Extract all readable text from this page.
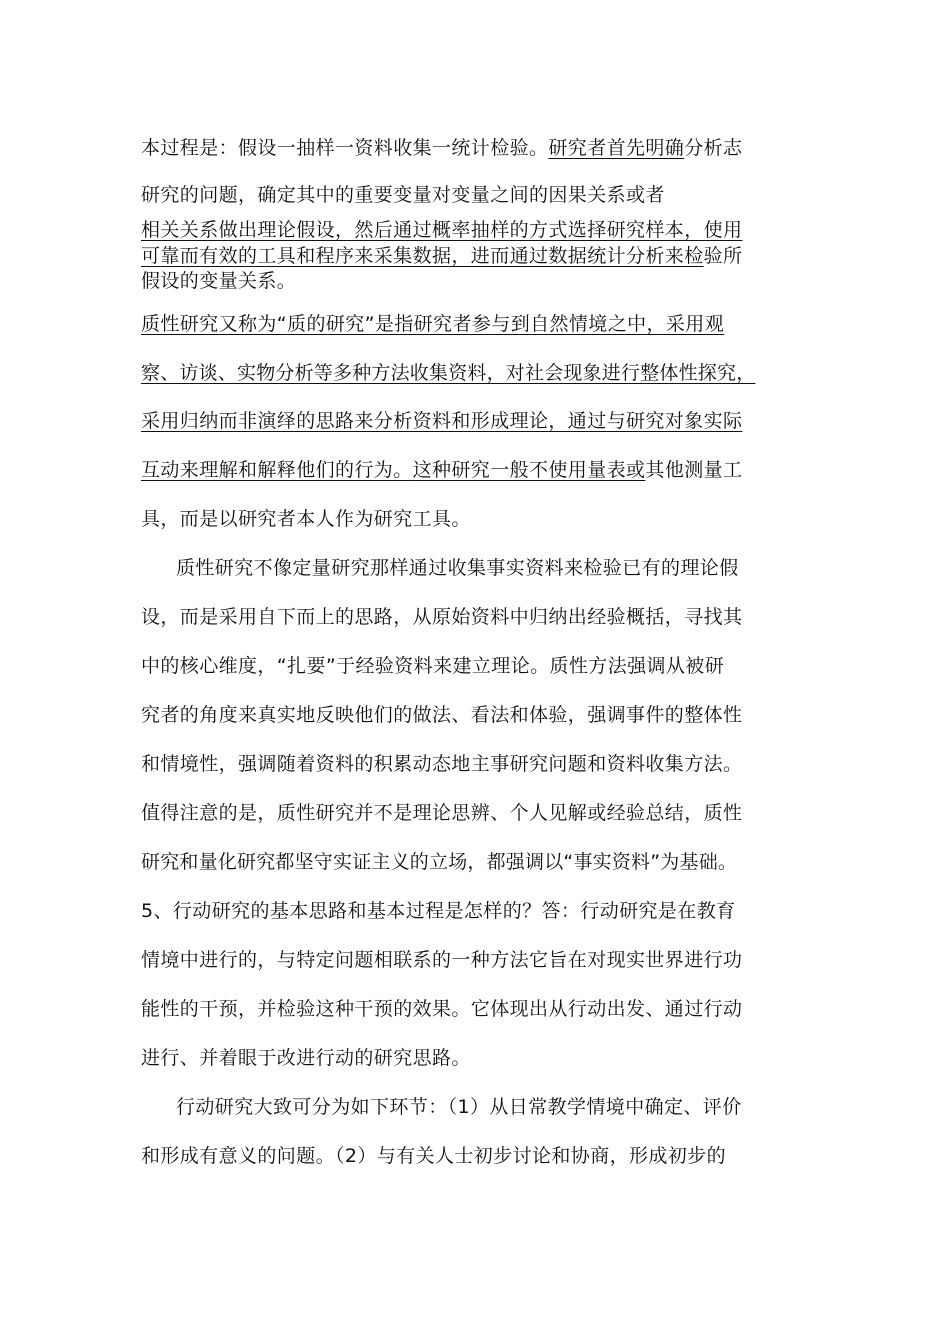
本过程是：假设一抽样一资料收集一统计检验。研究者首先明确分析志
研究的问题，确定其中的重要变量对变量之间的因果关系或者
相关关系做出理论假设，然后通过概率抽样的方式选择研究样本，使用
可靠而有效的工具和程序来采集数据，进而通过数据统计分析来检验所
假设的变量关系。
质性研究又称为“质的研究”是指研究者参与到自然情境之中，采用观
察、访谈、实物分析等多种方法收集资料，对社会现象进行整体性探究，
采用归纳而非演绎的思路来分析资料和形成理论，通过与研究对象实际
互动来理解和解释他们的行为。这种研究一般不使用量表或其他测量工
具，而是以研究者本人作为研究工具。
质性研究不像定量研究那样通过收集事实资料来检验已有的理论假
设，而是采用自下而上的思路，从原始资料中归纳出经验概括，寻找其
中的核心维度，“扎要”于经验资料来建立理论。质性方法强调从被研
究者的角度来真实地反映他们的做法、看法和体验，强调事件的整体性
和情境性，强调随着资料的积累动态地主事研究问题和资料收集方法。
值得注意的是，质性研究并不是理论思辨、个人见解或经验总结，质性
研究和量化研究都坚守实证主义的立场，都强调以“事实资料”为基础。
5、行动研究的基本思路和基本过程是怎样的？答：行动研究是在教育
情境中进行的，与特定问题相联系的一种方法它旨在对现实世界进行功
能性的干预，并检验这种干预的效果。它体现出从行动出发、通过行动
进行、并着眼于改进行动的研究思路。
行动研究大致可分为如下环节：（1）从日常教学情境中确定、评价
和形成有意义的问题。（2）与有关人士初步讨论和协商，形成初步的
